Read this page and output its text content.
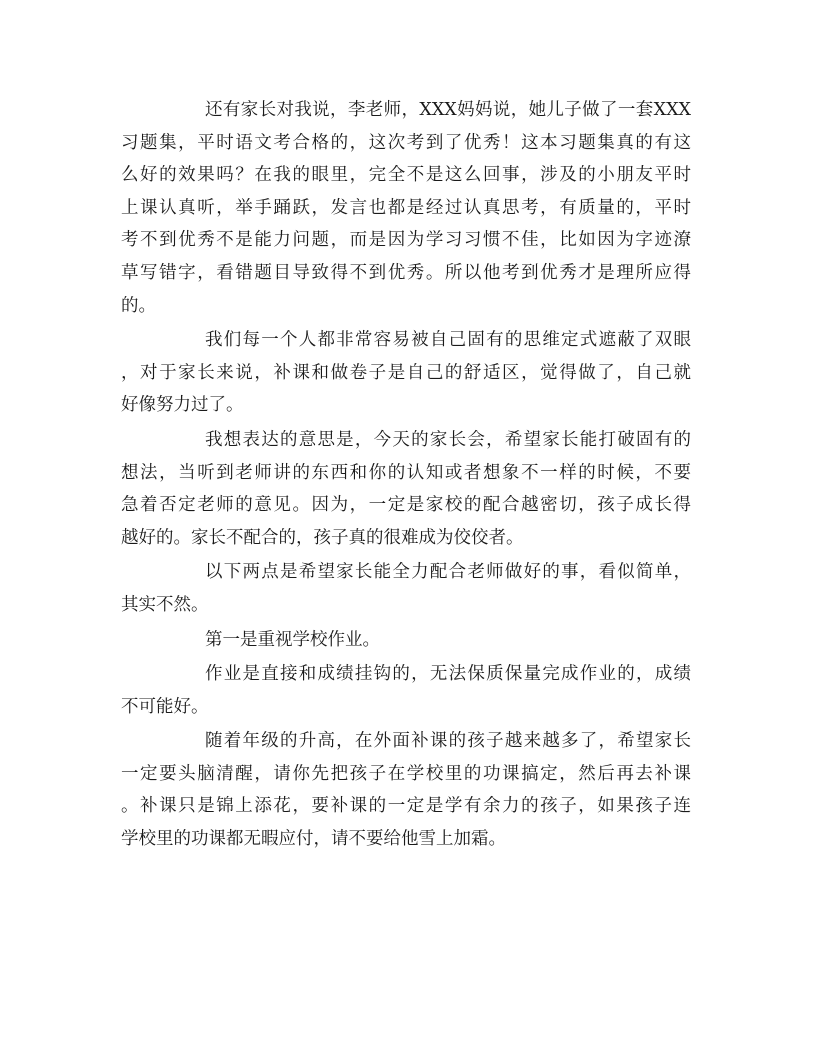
还有家长对我说，李老师，XXX妈妈说，她儿子做了一套XXX
习题集，平时语文考合格的，这次考到了优秀！这本习题集真的有这
么好的效果吗？在我的眼里，完全不是这么回事，涉及的小朋友平时
上课认真听，举手踊跃，发言也都是经过认真思考，有质量的，平时
考不到优秀不是能力问题，而是因为学习习惯不佳，比如因为字迹潦
草写错字，看错题目导致得不到优秀。所以他考到优秀才是理所应得
的。
我们每一个人都非常容易被自己固有的思维定式遮蔽了双眼
，对于家长来说，补课和做卷子是自己的舒适区，觉得做了，自己就
好像努力过了。
我想表达的意思是，今天的家长会，希望家长能打破固有的
想法，当听到老师讲的东西和你的认知或者想象不一样的时候，不要
急着否定老师的意见。因为，一定是家校的配合越密切，孩子成长得
越好的。家长不配合的，孩子真的很难成为佼佼者。
以下两点是希望家长能全力配合老师做好的事，看似简单，
其实不然。
第一是重视学校作业。
作业是直接和成绩挂钩的，无法保质保量完成作业的，成绩
不可能好。
随着年级的升高，在外面补课的孩子越来越多了，希望家长
一定要头脑清醒，请你先把孩子在学校里的功课搞定，然后再去补课
。补课只是锦上添花，要补课的一定是学有余力的孩子，如果孩子连
学校里的功课都无暇应付，请不要给他雪上加霜。
